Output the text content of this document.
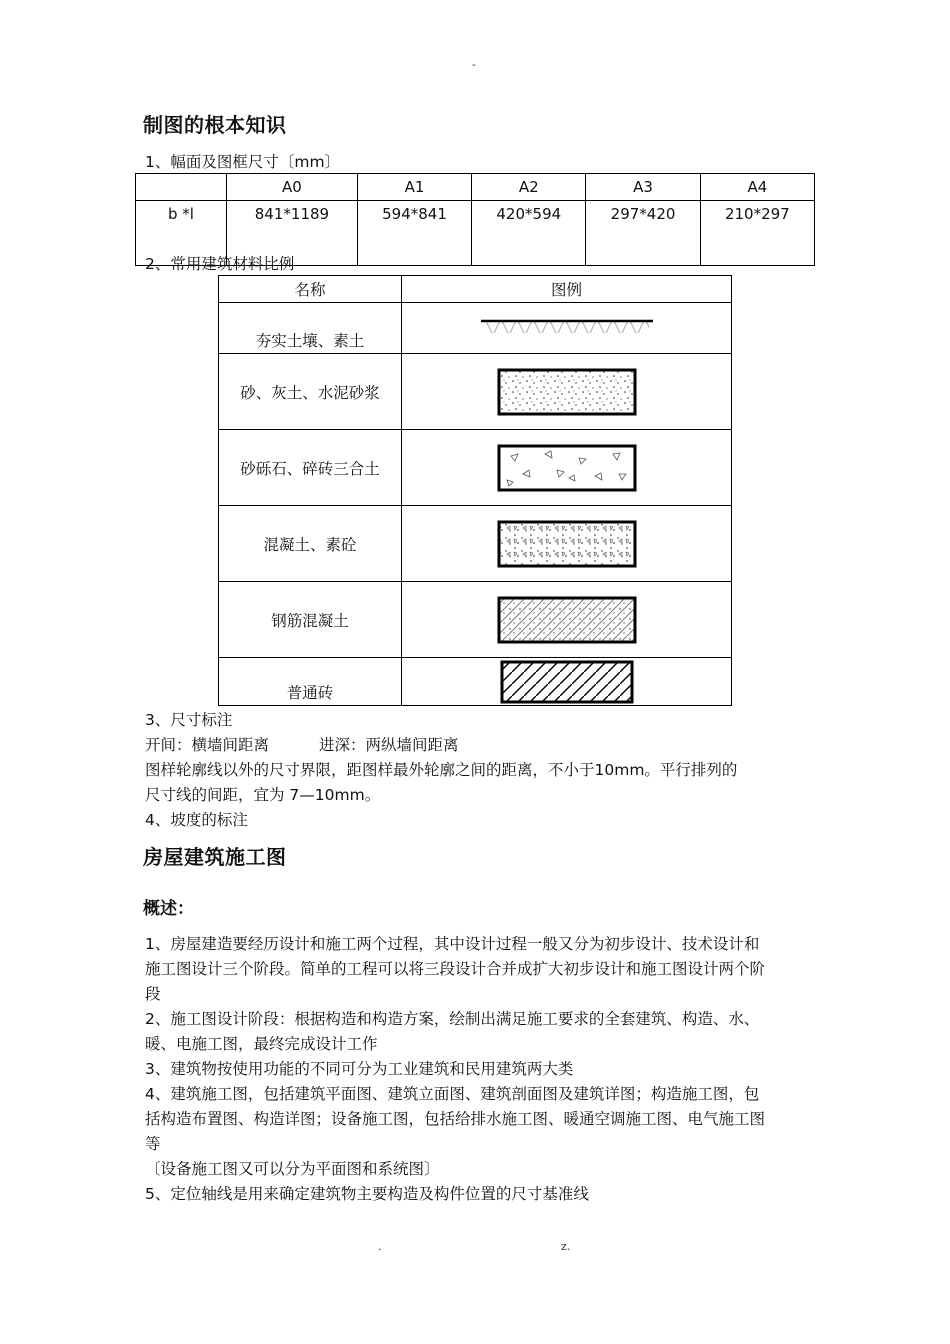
-
制图的根本知识
1、幅面及图框尺寸〔mm〕
	A0	A1	A2	A3	A4
b *l	841*1189	594*841	420*594	297*420	210*297
2、常用建筑材料比例
名称	图例
夯实土壤、素土	

砂、灰土、水泥砂浆	

砂砾石、碎砖三合土	

混凝土、素砼	

钢筋混凝土	

普通砖	
3、尺寸标注
开间：横墙间距离	进深：两纵墙间距离
图样轮廓线以外的尺寸界限，距图样最外轮廓之间的距离，不小于10mm。平行排列的
尺寸线的间距，宜为 7—10mm。
4、坡度的标注
房屋建筑施工图
概述：
1、房屋建造要经历设计和施工两个过程，其中设计过程一般又分为初步设计、技术设计和
施工图设计三个阶段。简单的工程可以将三段设计合并成扩大初步设计和施工图设计两个阶
段
2、施工图设计阶段：根据构造和构造方案，绘制出满足施工要求的全套建筑、构造、水、
暖、电施工图，最终完成设计工作
3、建筑物按使用功能的不同可分为工业建筑和民用建筑两大类
4、建筑施工图，包括建筑平面图、建筑立面图、建筑剖面图及建筑详图；构造施工图，包
括构造布置图、构造详图；设备施工图，包括给排水施工图、暖通空调施工图、电气施工图
等
〔设备施工图又可以分为平面图和系统图〕
5、定位轴线是用来确定建筑物主要构造及构件位置的尺寸基准线
.	z.
